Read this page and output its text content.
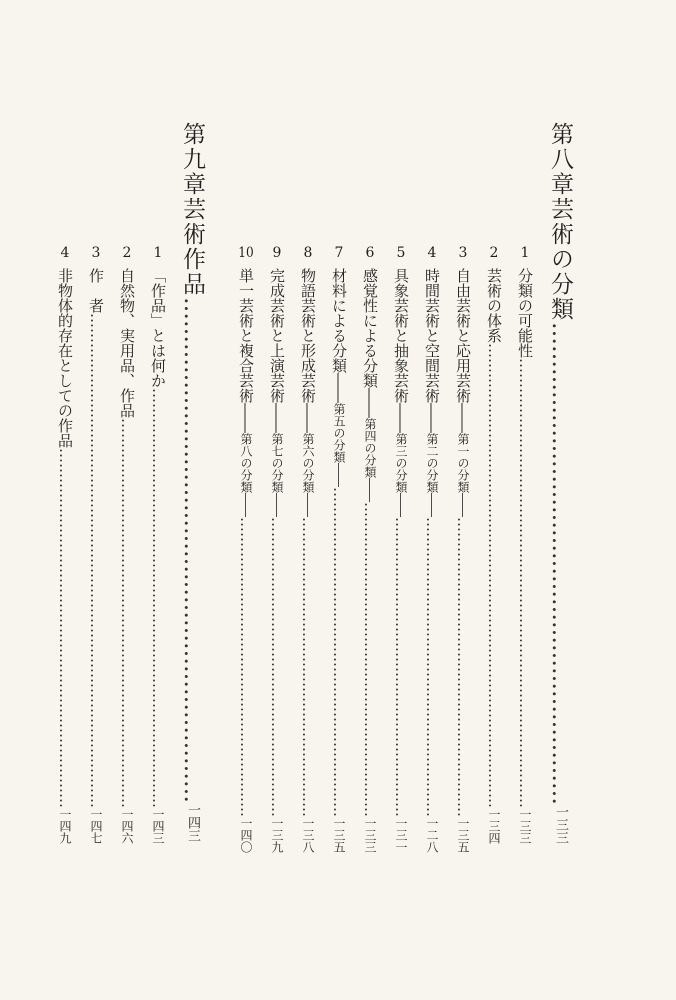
第八章芸術の分類………………………………………………………一三三
1分類の可能性………………………………………………………………………………一三三
2芸術の体系…………………………………………………………………………………一三四
3自由芸術と応用芸術――第一の分類――……………………………………………………一三五
4時間芸術と空間芸術――第二の分類――……………………………………………………一二八
5具象芸術と抽象芸術――第三の分類――……………………………………………………一三一
6感覚性による分類――第四の分類――………………………………………………………一三三
7材料による分類――第五の分類――…………………………………………………………一三五
8物語芸術と形成芸術――第六の分類――……………………………………………………一三八
9完成芸術と上演芸術――第七の分類――……………………………………………………一三九
10単一芸術と複合芸術――第八の分類――……………………………………………………一四〇
第九章芸術作品…………………………………………………………一四三
1「作品」とは何か…………………………………………………………………………一四三
2自然物、実用品、作品……………………………………………………………………一四六
3作　者………………………………………………………………………………………一四七
4非物体的存在としての作品………………………………………………………………一四九
